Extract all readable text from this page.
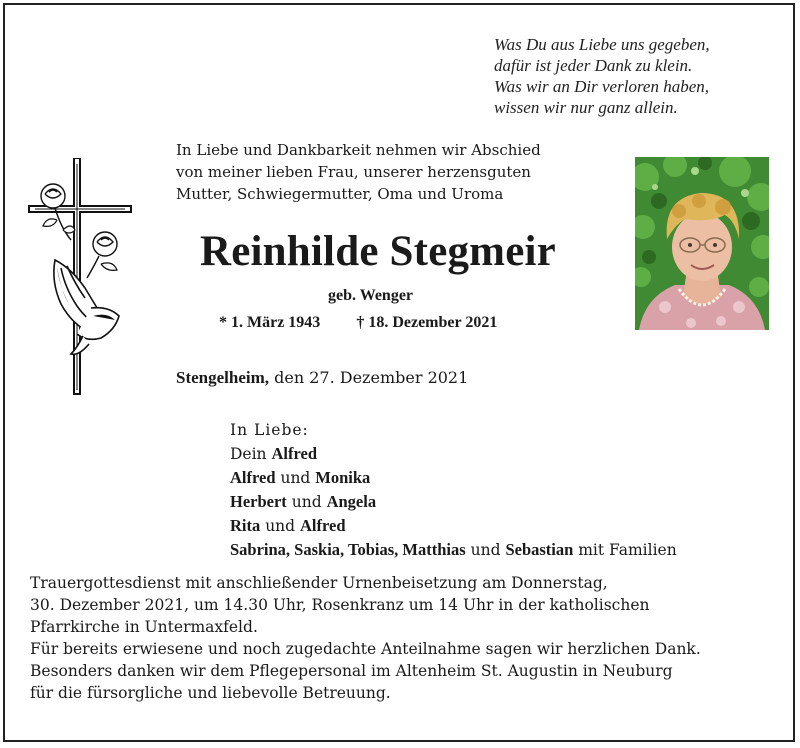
Was Du aus Liebe uns gegeben,
dafür ist jeder Dank zu klein.
Was wir an Dir verloren haben,
wissen wir nur ganz allein.
In Liebe und Dankbarkeit nehmen wir Abschied
von meiner lieben Frau, unserer herzensguten
Mutter, Schwiegermutter, Oma und Uroma
Reinhilde Stegmeir
geb. Wenger
* 1. März 1943 † 18. Dezember 2021
Stengelheim, den 27. Dezember 2021
In Liebe:
Dein Alfred
Alfred und Monika
Herbert und Angela
Rita und Alfred
Sabrina, Saskia, Tobias, Matthias und Sebastian mit Familien
Trauergottesdienst mit anschließender Urnenbeisetzung am Donnerstag,
30. Dezember 2021, um 14.30 Uhr, Rosenkranz um 14 Uhr in der katholischen
Pfarrkirche in Untermaxfeld.
Für bereits erwiesene und noch zugedachte Anteilnahme sagen wir herzlichen Dank.
Besonders danken wir dem Pflegepersonal im Altenheim St. Augustin in Neuburg
für die fürsorgliche und liebevolle Betreuung.
